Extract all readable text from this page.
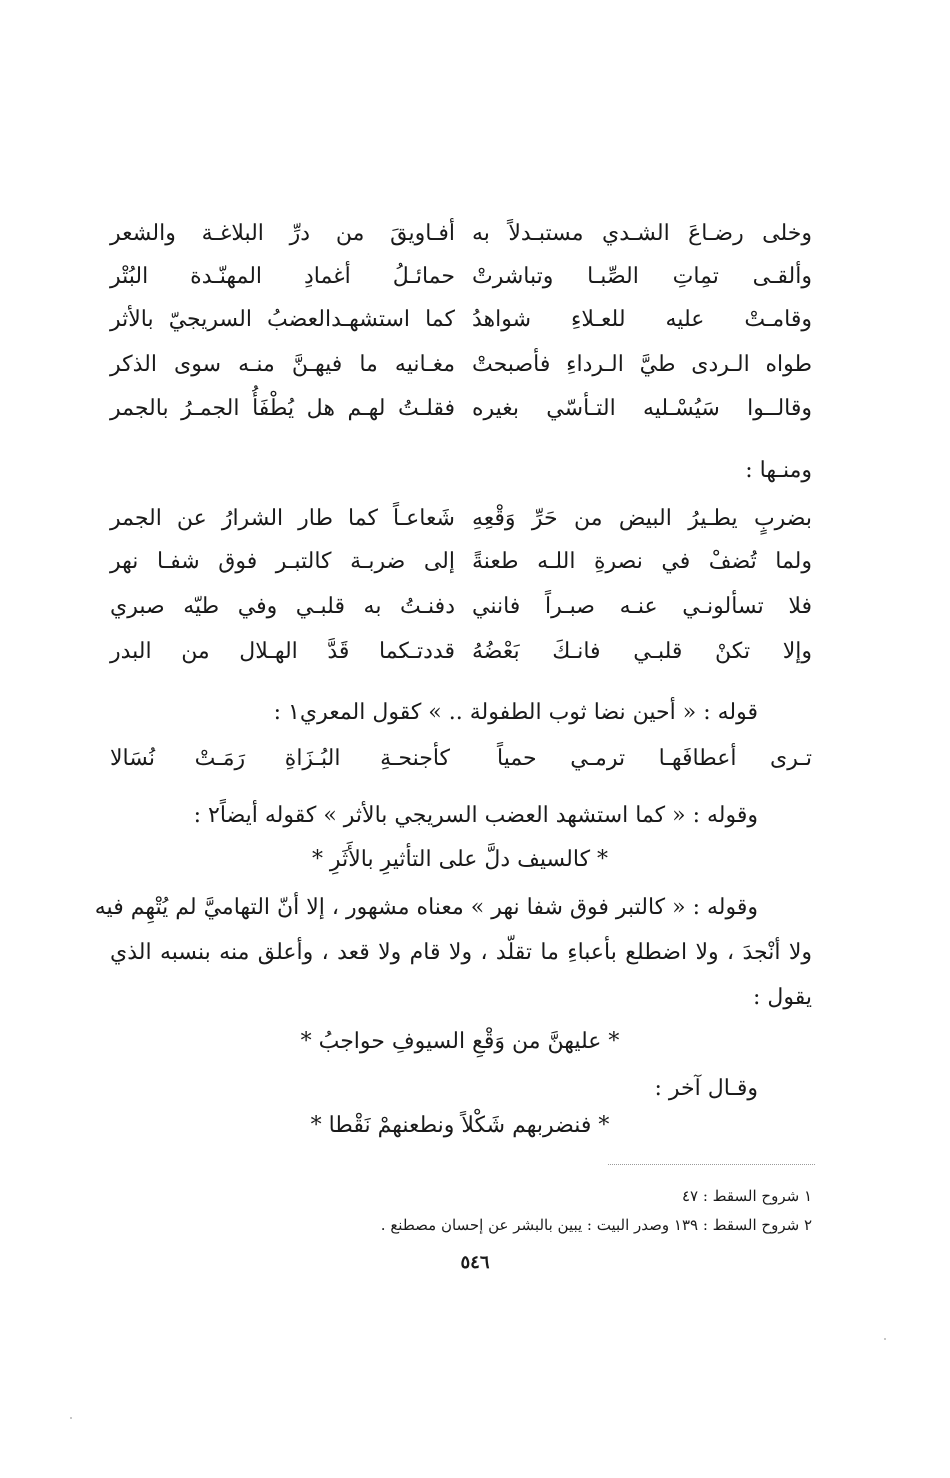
وخلى رضـاعَ الشـدي مستبـدلاً به
أفـاويقَ من درِّ البلاغـة والشعر
وألقـى تمِاتِ الصِّبـا وتباشرتْ
حمائـلُ أغمادِ المهنّـدة البُتْر
وقامـتْ عليه للعـلاءِ شواهدُ
كما استشهـدالعضبُ السريجيّ بالأثر
طواه الـردى طيَّ الـرداءِ فأصبحتْ
مغـانيه ما فيهـنَّ منـه سوى الذكر
وقالــوا سَيُسْـليه التـأسّي بغيره
فقلـتُ لهـم هل يُطْفَأُ الجمـرُ بالجمر
ومنـها :
بضربٍ يطـيرُ البيض من حَرِّ وَقْعِهِ
شَعاعـاً كما طار الشرارُ عن الجمر
ولما تُضفْ في نصرةِ اللـه طعنةً
إلى ضربـة كالتبـر فوق شفـا نهر
فلا تسألونـي عنـه صبـراً فانني
دفنـتُ به قلبـي وفي طيّه صبري
وإلا تكنْ قلبـي فانـكَ بَعْضُهُ
قددتـكما قَدَّ الهـلال من البدر
قوله : « أحين نضا ثوب الطفولة .. » كقول المعري١ :
تـرى أعطافَهـا ترمـي حمياً
كأجنحـةِ البُـزَاةِ رَمَـتْ نُسَالا
وقوله : « كما استشهد العضب السريجي بالأثر » كقوله أيضاً٢ :
* كالسيف دلَّ على التأثيرِ بالأَثَرِ *
وقوله : « كالتبر فوق شفا نهر » معناه مشهور ، إلا أنّ التهاميَّ لم يُتْهِم فيه
ولا أنْجدَ ، ولا اضطلع بأعباءِ ما تقلّد ، ولا قام ولا قعد ، وأعلق منه بنسبه الذي
يقول :
* عليهنَّ من وَقْعِ السيوفِ حواجبُ *
وقـال آخر :
* فنضربهم شَكْلاً ونطعنهمْ نَقْطا *
١ شروح السقط : ٤٧
٢ شروح السقط : ١٣٩ وصدر البيت : يبين بالبشر عن إحسان مصطنع .
٥٤٦
